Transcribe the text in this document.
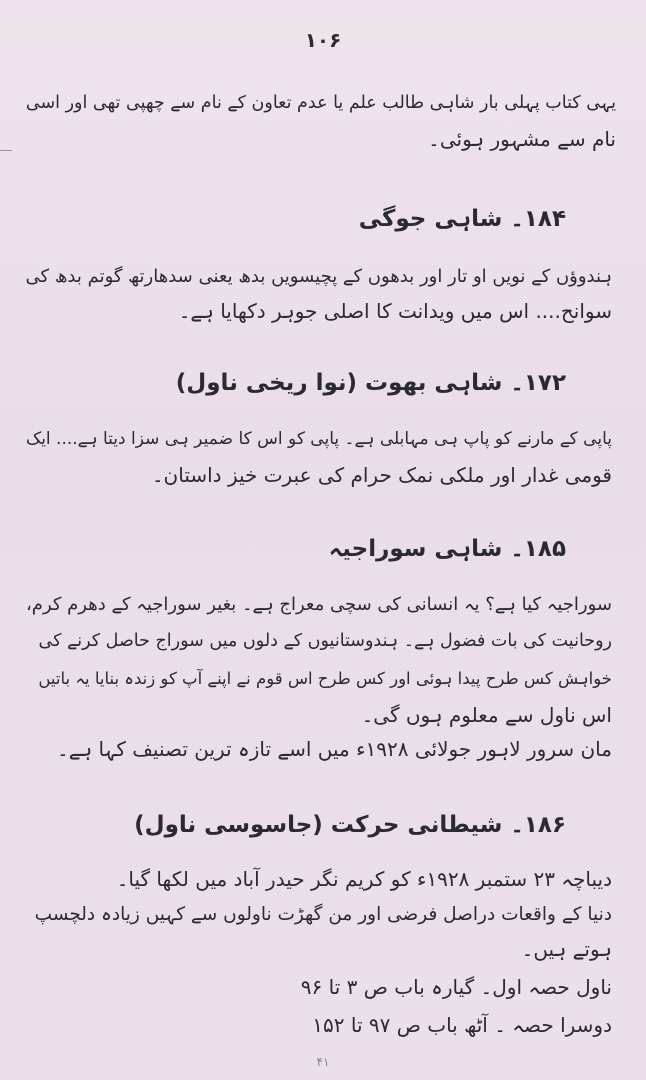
۱۰۶
یہی کتاب پہلی بار شاہی طالب علم یا عدم تعاون کے نام سے چھپی تھی اور اسی
نام سے مشہور ہوئی۔
۱۸۴۔ شاہی جوگی
ہندوؤں کے نویں او تار اور بدھوں کے پچیسویں بدھ یعنی سدھارتھ گوتم بدھ کی
سوانح.... اس میں ویدانت کا اصلی جوہر دکھایا ہے۔
۱۷۲۔ شاہی بھوت (نوا ریخی ناول)
پاپی کے مارنے کو پاپ ہی مہابلی ہے۔ پاپی کو اس کا ضمیر ہی سزا دیتا ہے.... ایک
قومی غدار اور ملکی نمک حرام کی عبرت خیز داستان۔
۱۸۵۔ شاہی سوراجیہ
سوراجیہ کیا ہے؟ یہ انسانی کی سچی معراج ہے۔ بغیر سوراجیہ کے دھرم کرم،
روحانیت کی بات فضول ہے۔ ہندوستانیوں کے دلوں میں سوراج حاصل کرنے کی
خواہش کس طرح پیدا ہوئی اور کس طرح اس قوم نے اپنے آپ کو زندہ بنایا یہ باتیں
اس ناول سے معلوم ہوں گی۔
مان سرور لاہور جولائی ۱۹۲۸ء میں اسے تازہ ترین تصنیف کہا ہے۔
۱۸۶۔ شیطانی حرکت (جاسوسی ناول)
دیباچہ ۲۳ ستمبر ۱۹۲۸ء کو کریم نگر حیدر آباد میں لکھا گیا۔
دنیا کے واقعات دراصل فرضی اور من گھڑت ناولوں سے کہیں زیادہ دلچسپ
ہوتے ہیں۔
ناول حصہ اول۔ گیارہ باب ص ۳ تا ۹۶
دوسرا حصہ ۔ آٹھ باب ص ۹۷ تا ۱۵۲
۴۱
